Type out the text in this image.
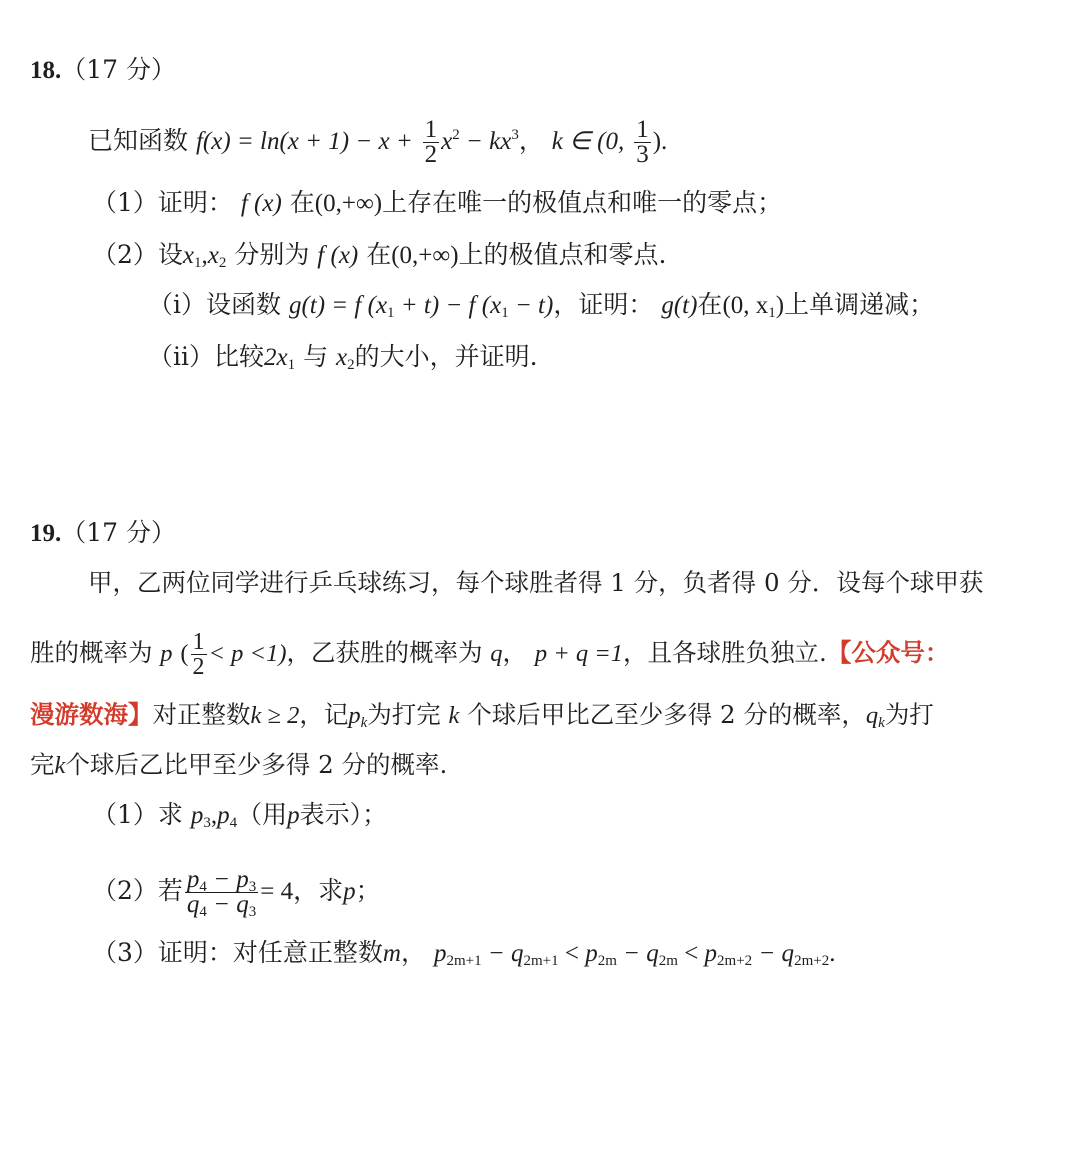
18.（17 分）
已知函数 $f(x) = \ln(x + 1) - x + \frac{1}{2} x^2 - kx^3$， k ∈ (0, $\frac{1}{3}$ ).
（1）证明： f (x) 在(0,+∞)上存在唯一的极值点和唯一的零点；
（2）设$x_1,x_2$ 分别为 f (x) 在(0,+∞)上的极值点和零点.
（i）设函数 g(t) = f $(x_1 + t) - f$ $(x_1 - t)$，证明： g(t)在(0, $x_1$)上单调递减；
（ii）比较$2x_1$ 与 $x_2$的大小，并证明.
19.（17 分）
甲，乙两位同学进行乒乓球练习，每个球胜者得 1 分，负者得 0 分．设每个球甲获
胜的概率为 p ( $\frac{1}{2} < p <1$)，乙获胜的概率为 q， p + q =1，且各球胜负独立.【公众号：
漫游数海】对正整数k ≥ 2，记$p_k$为打完 k 个球后甲比乙至少多得 2 分的概率，$q_k$为打
完k个球后乙比甲至少多得 2 分的概率.
（1）求 $p_3,p_4$（用p表示）；
（2）若 $\frac{p_4 - p_3}{q_4 - q_3} = 4$，求p；
（3）证明：对任意正整数m， $p_{2m+1} - q_{2m+1} < p_{2m} - q_{2m} < p_{2m+2} - q_{2m+2}$.
